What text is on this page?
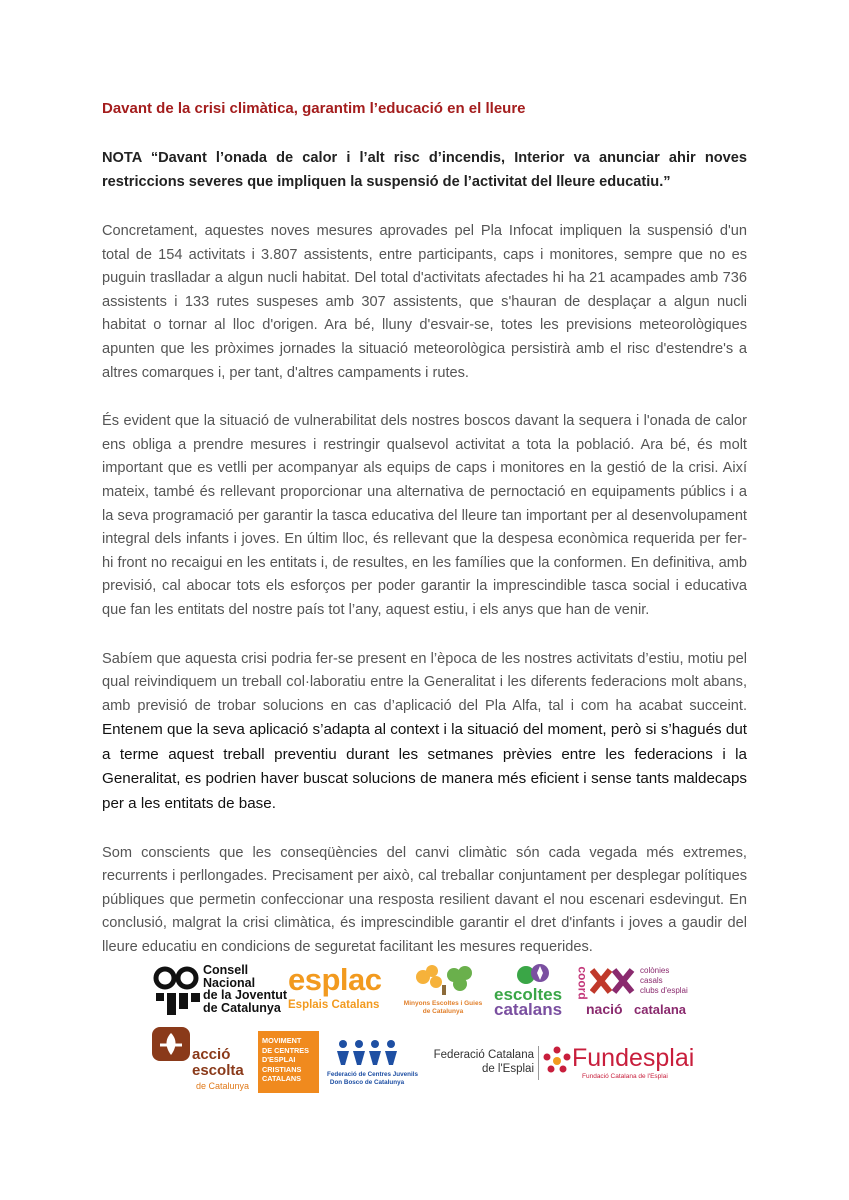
Davant de la crisi climàtica, garantim l’educació en el lleure

NOTA “Davant l’onada de calor i l’alt risc d’incendis, Interior va anunciar ahir noves restriccions severes que impliquen la suspensió de l’activitat del lleure educatiu.”

Concretament, aquestes noves mesures aprovades pel Pla Infocat impliquen la suspensió d'un total de 154 activitats i 3.807 assistents, entre participants, caps i monitores, sempre que no es puguin traslladar a algun nucli habitat. Del total d'activitats afectades hi ha 21 acampades amb 736 assistents i 133 rutes suspeses amb 307 assistents, que s'hauran de desplaçar a algun nucli habitat o tornar al lloc d'origen. Ara bé, lluny d'esvair-se, totes les previsions meteorològiques apunten que les pròximes jornades la situació meteorològica persistirà amb el risc d'estendre's a altres comarques i, per tant, d'altres campaments i rutes.

És evident que la situació de vulnerabilitat dels nostres boscos davant la sequera i l'onada de calor ens obliga a prendre mesures i restringir qualsevol activitat a tota la població. Ara bé, és molt important que es vetlli per acompanyar als equips de caps i monitores en la gestió de la crisi. Així mateix, també és rellevant proporcionar una alternativa de pernoctació en equipaments públics i a la seva programació per garantir la tasca educativa del lleure tan important per al desenvolupament integral dels infants i joves. En últim lloc, és rellevant que la despesa econòmica requerida per fer-hi front no recaigui en les entitats i, de resultes, en les famílies que la conformen. En definitiva, amb previsió, cal abocar tots els esforços per poder garantir la imprescindible tasca social i educativa que fan les entitats del nostre país tot l’any, aquest estiu, i els anys que han de venir.

Sabíem que aquesta crisi podria fer-se present en l’època de les nostres activitats d’estiu, motiu pel qual reivindiquem un treball col·laboratiu entre la Generalitat i les diferents federacions molt abans, amb previsió de trobar solucions en cas d’aplicació del Pla Alfa, tal i com ha acabat succeint. Entenem que la seva aplicació s’adapta al context i la situació del moment, però si s’hagués dut a terme aquest treball preventiu durant les setmanes prèvies entre les federacions i la Generalitat, es podrien haver buscat solucions de manera més eficient i sense tants maldecaps per a les entitats de base.

Som conscients que les conseqüències del canvi climàtic són cada vegada més extremes, recurrents i perllongades. Precisament per això, cal treballar conjuntament per desplegar polítiques públiques que permetin confeccionar una resposta resilient davant el nou escenari esdevingut. En conclusió, malgrat la crisi climàtica, és imprescindible garantir el dret d'infants i joves a gaudir del lleure educatiu en condicions de seguretat facilitant les mesures requerides.

Consell
Nacional
de la Joventut
de Catalunya
esplac
Esplais Catalans	Minyons Escoltes i Guies
de Catalunya
escoltes
catalans
coord
nació
colònies
casals
clubs d'esplai
catalana
acció
escolta
de Catalunya
MOVIMENT
DE CENTRES
D'ESPLAI
CRISTIANS
CATALANS	Federació de Centres Juvenils
Don Bosco de Catalunya
Federació Catalana
de l'Esplai Fundesplai
Fundació Catalana de l'Esplai
